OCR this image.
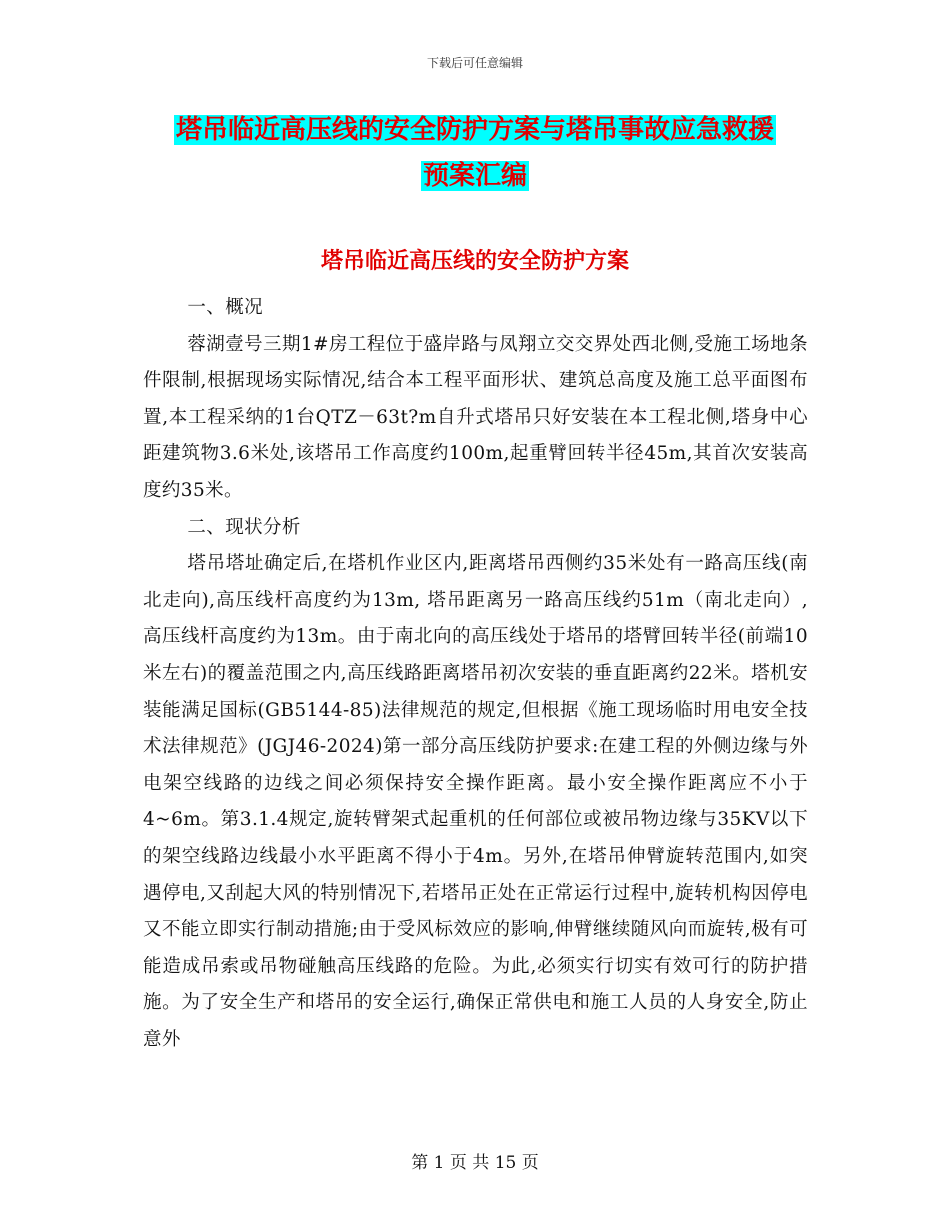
下载后可任意编辑
塔吊临近高压线的安全防护方案与塔吊事故应急救援
预案汇编
塔吊临近高压线的安全防护方案

一、概况

蓉湖壹号三期1#房工程位于盛岸路与凤翔立交交界处西北侧,受施工场地条件限制,根据现场实际情况,结合本工程平面形状、建筑总高度及施工总平面图布置,本工程采纳的1台QTZ－63t?m自升式塔吊只好安装在本工程北侧,塔身中心距建筑物3.6米处,该塔吊工作高度约100m,起重臂回转半径45m,其首次安装高度约35米。

二、现状分析

塔吊塔址确定后,在塔机作业区内,距离塔吊西侧约35米处有一路高压线(南北走向),高压线杆高度约为13m, 塔吊距离另一路高压线约51m（南北走向）, 高压线杆高度约为13m。由于南北向的高压线处于塔吊的塔臂回转半径(前端10米左右)的覆盖范围之内,高压线路距离塔吊初次安装的垂直距离约22米。塔机安装能满足国标(GB5144-85)法律规范的规定,但根据《施工现场临时用电安全技术法律规范》(JGJ46-2024)第一部分高压线防护要求:在建工程的外侧边缘与外电架空线路的边线之间必须保持安全操作距离。最小安全操作距离应不小于4~6m。第3.1.4规定,旋转臂架式起重机的任何部位或被吊物边缘与35KV以下的架空线路边线最小水平距离不得小于4m。另外,在塔吊伸臂旋转范围内,如突遇停电,又刮起大风的特别情况下,若塔吊正处在正常运行过程中,旋转机构因停电又不能立即实行制动措施;由于受风标效应的影响,伸臂继续随风向而旋转,极有可能造成吊索或吊物碰触高压线路的危险。为此,必须实行切实有效可行的防护措施。为了安全生产和塔吊的安全运行,确保正常供电和施工人员的人身安全,防止意外

第 1 页 共 15 页
